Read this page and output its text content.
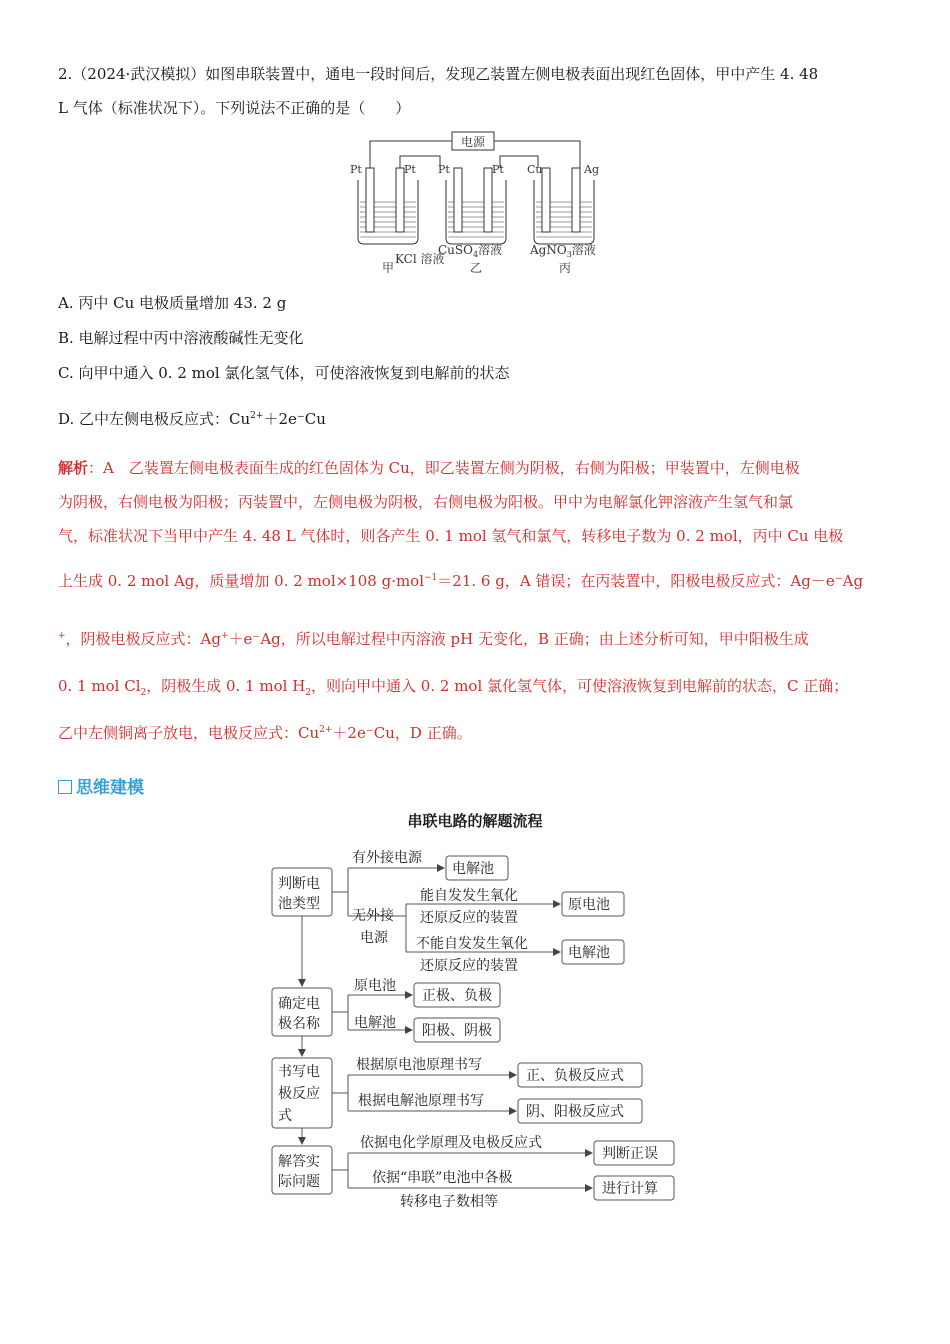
2.（2024·武汉模拟）如图串联装置中，通电一段时间后，发现乙装置左侧电极表面出现红色固体，甲中产生 4. 48
L 气体（标准状况下）。下列说法不正确的是（　　）
KCl 溶液
电源
Pt	Pt Pt	Pt Cu	Ag
CuSO$_4$溶液 AgNO$_3$溶液
甲	乙	丙
A. 丙中 Cu 电极质量增加 43. 2 g
B. 电解过程中丙中溶液酸碱性无变化
C. 向甲中通入 0. 2 mol 氯化氢气体，可使溶液恢复到电解前的状态
D. 乙中左侧电极反应式：$Cu^{2+}+2e^-Cu$
解析：A　乙装置左侧电极表面生成的红色固体为 Cu，即乙装置左侧为阴极，右侧为阳极；甲装置中，左侧电极
为阴极，右侧电极为阳极；丙装置中，左侧电极为阴极，右侧电极为阳极。甲中为电解氯化钾溶液产生氢气和氯
气，标准状况下当甲中产生 4. 48 L 气体时，则各产生 0. 1 mol 氢气和氯气，转移电子数为 0. 2 mol，丙中 Cu 电极
上生成 0. 2 mol Ag，质量增加 0. 2 mol×108 g·mol$^{-1}$＝21. 6 g，A 错误；在丙装置中，阳极电极反应式：Ag－e⁻Ag
+，阴极电极反应式：Ag+＋e⁻Ag，所以电解过程中丙溶液 pH 无变化，B 正确；由上述分析可知，甲中阳极生成
0. 1 mol $Cl_2$，阴极生成 0. 1 mol $H_2$，则向甲中通入 0. 2 mol 氯化氢气体，可使溶液恢复到电解前的状态，C 正确；
乙中左侧铜离子放电，电极反应式：$Cu^{2+}+2e^-Cu$，D 正确。
思维建模
串联电路的解题流程
判断电
池类型
确定电
极名称
书写电
极反应
式
解答实
际问题
有外接电源
无外接
电源
能自发发生氧化
还原反应的装置
不能自发发生氧化
还原反应的装置
原电池
电解池
根据原电池原理书写
根据电解池原理书写
依据电化学原理及电极反应式
依据“串联”电池中各极
转移电子数相等
电解池
原电池
电解池
正极、负极
阳极、阴极
正、负极反应式
阴、阳极反应式
判断正误
进行计算
